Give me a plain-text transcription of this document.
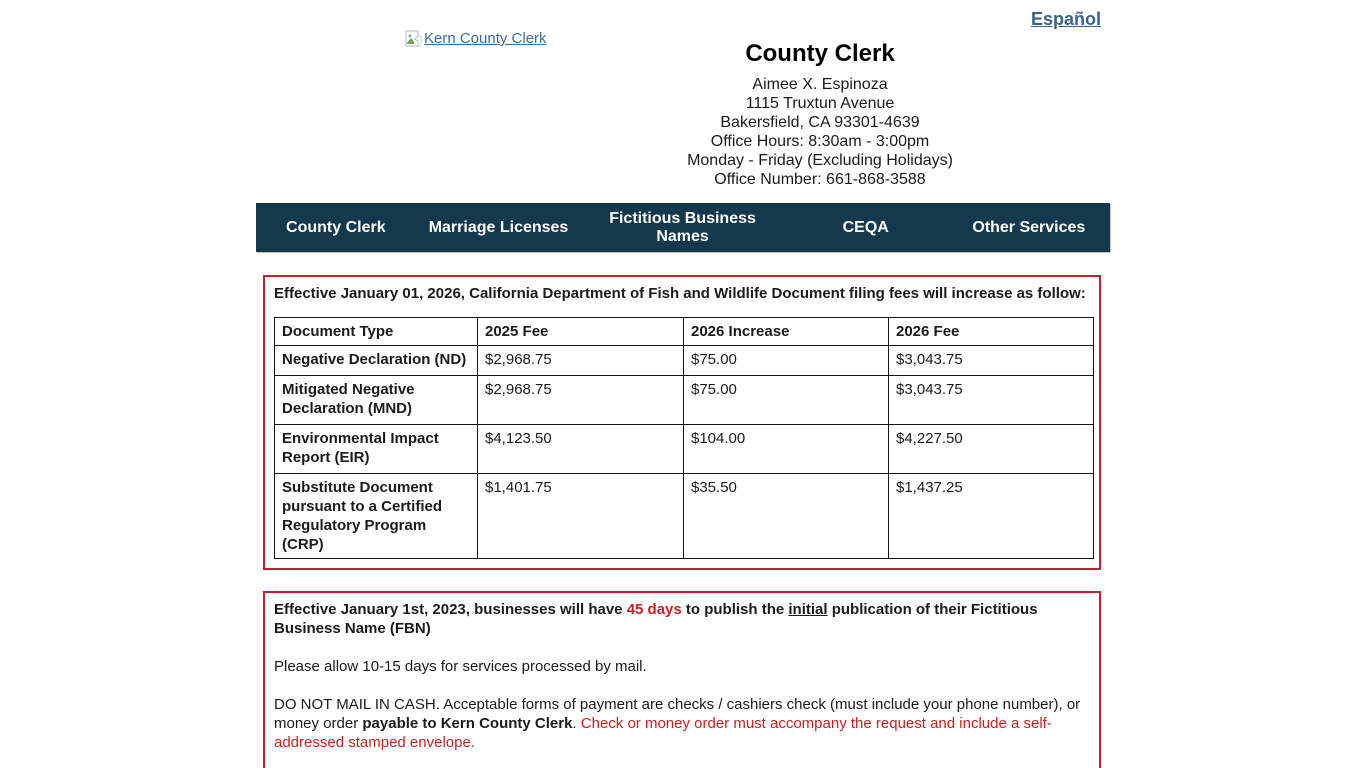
Español
Kern County Clerk
County Clerk
Aimee X. Espinoza
1115 Truxtun Avenue
Bakersfield, CA 93301-4639
Office Hours: 8:30am - 3:00pm
Monday - Friday (Excluding Holidays)
Office Number: 661-868-3588
County Clerk	Marriage Licenses
Fictitious Business Names
CEQA	Other Services
Effective January 01, 2026, California Department of Fish and Wildlife Document filing fees will increase as follow:
Document Type	2025 Fee	2026 Increase	2026 Fee
Negative Declaration (ND)	$2,968.75	$75.00	$3,043.75
Mitigated Negative Declaration (MND)	$2,968.75	$75.00	$3,043.75
Environmental Impact Report (EIR)	$4,123.50	$104.00	$4,227.50
Substitute Document pursuant to a Certified Regulatory Program (CRP)	$1,401.75	$35.50	$1,437.25
Effective January 1st, 2023, businesses will have 45 days to publish the initial publication of their Fictitious Business Name (FBN)
Please allow 10-15 days for services processed by mail.
DO NOT MAIL IN CASH. Acceptable forms of payment are checks / cashiers check (must include your phone number), or money order payable to Kern County Clerk. Check or money order must accompany the request and include a self-addressed stamped envelope.
